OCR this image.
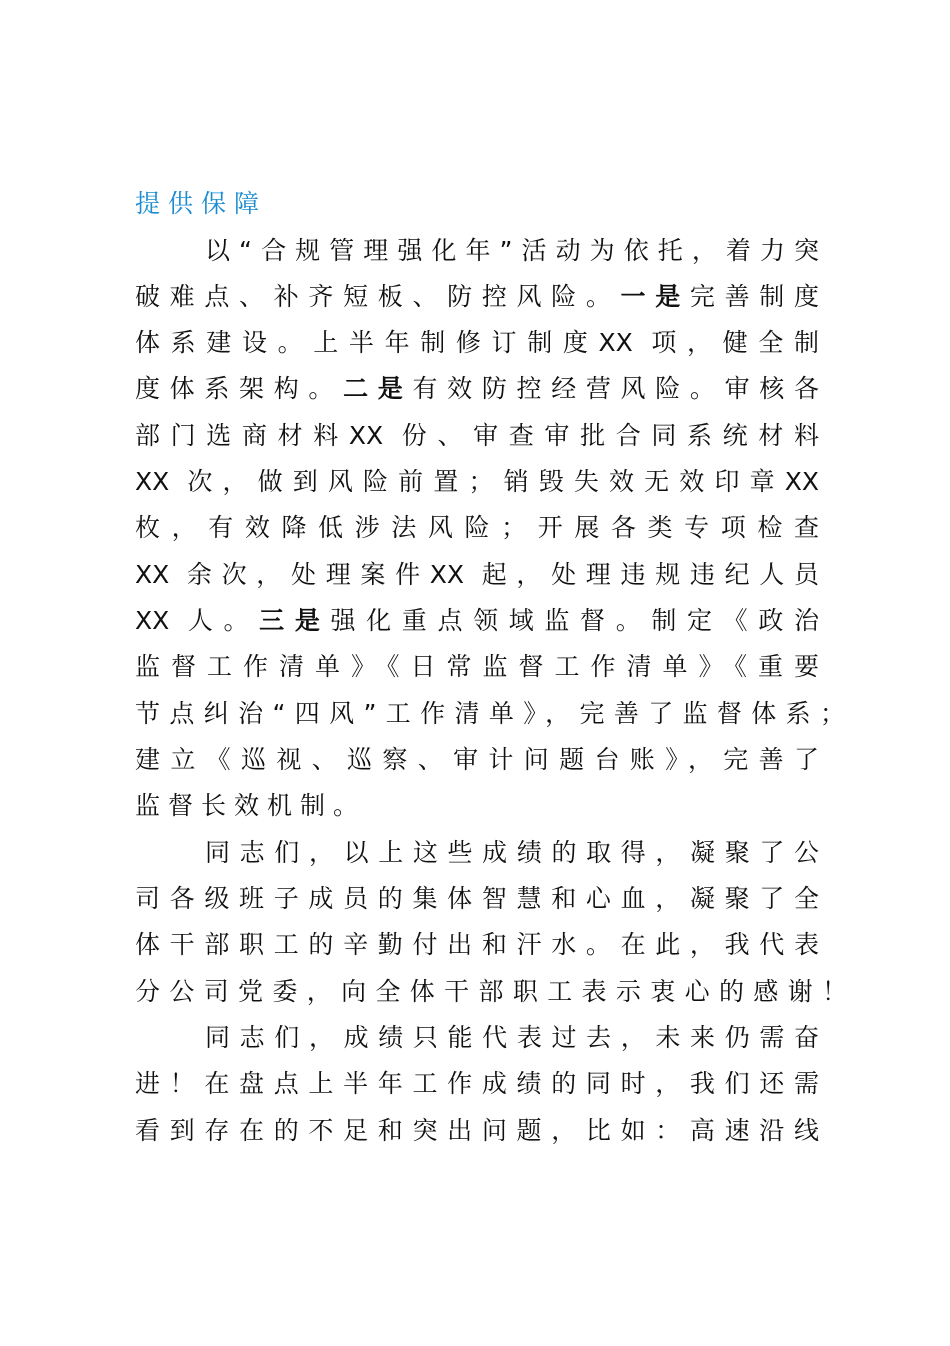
提供保障
以“合规管理强化年”活动为依托，着力突
破难点、补齐短板、防控风险。一是完善制度
体系建设。上半年制修订制度XX 项，健全制
度体系架构。二是有效防控经营风险。审核各
部门选商材料XX 份、审查审批合同系统材料
XX 次，做到风险前置；销毁失效无效印章XX
枚，有效降低涉法风险；开展各类专项检查
XX 余次，处理案件XX 起，处理违规违纪人员
XX 人。三是强化重点领域监督。制定《政治
监督工作清单》《日常监督工作清单》《重要
节点纠治“四风”工作清单》，完善了监督体系；
建立《巡视、巡察、审计问题台账》，完善了
监督长效机制。
同志们，以上这些成绩的取得，凝聚了公
司各级班子成员的集体智慧和心血，凝聚了全
体干部职工的辛勤付出和汗水。在此，我代表
分公司党委，向全体干部职工表示衷心的感谢！
同志们，成绩只能代表过去，未来仍需奋
进！在盘点上半年工作成绩的同时，我们还需
看到存在的不足和突出问题，比如：高速沿线
